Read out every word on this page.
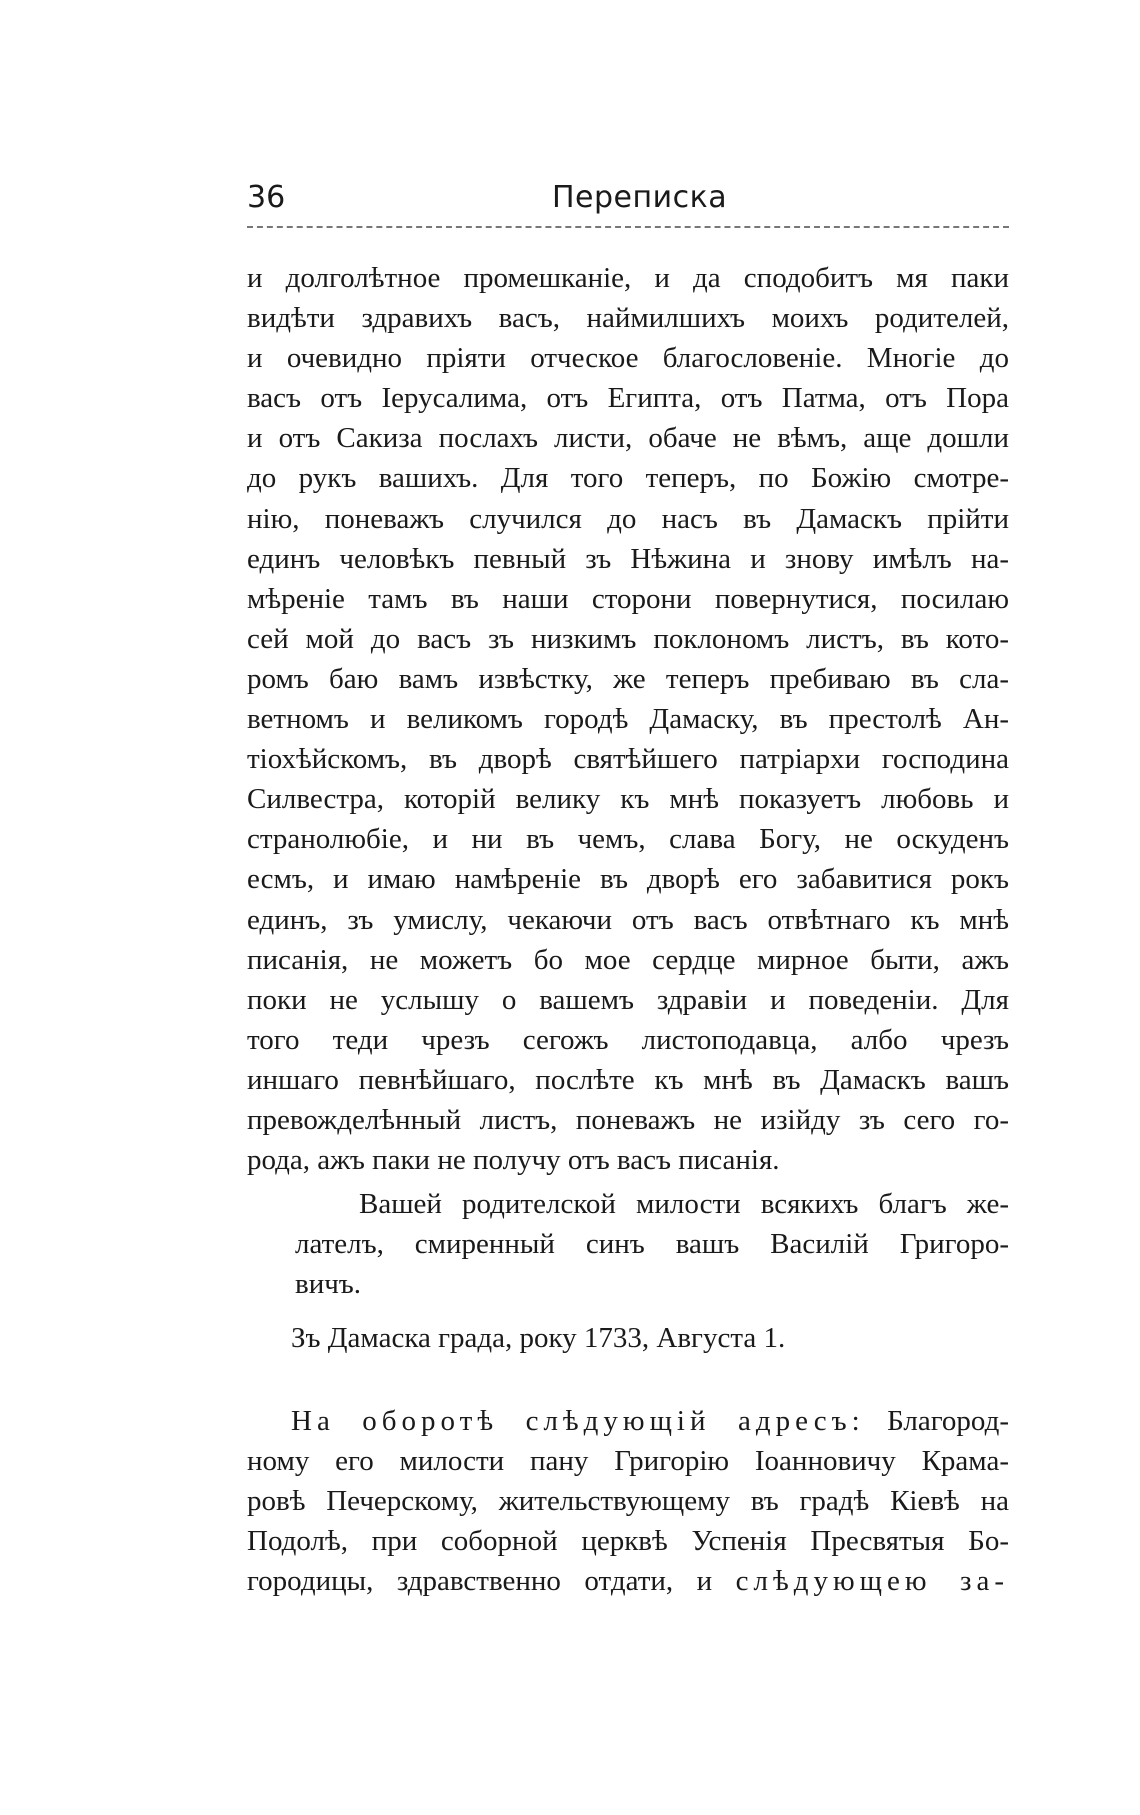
36	Переписка

и долголѣтное промешканіе, и да сподобитъ мя паки
видѣти здравихъ васъ, наймилшихъ моихъ родителей,
и очевидно пріяти отческое благословеніе. Многіе до
васъ отъ Іерусалима, отъ Египта, отъ Патма, отъ Пора
и отъ Сакиза послахъ листи, обаче не вѣмъ, аще дошли
до рукъ вашихъ. Для того теперъ, по Божію смотре-
нію, поневажъ случился до насъ въ Дамаскъ прійти
единъ человѣкъ певный зъ Нѣжина и знову имѣлъ на-
мѣреніе тамъ въ наши сторони повернутися, посилаю
сей мой до васъ зъ низкимъ поклономъ листъ, въ кото-
ромъ баю вамъ извѣстку, же теперъ пребиваю въ сла-
ветномъ и великомъ городѣ Дамаску, въ престолѣ Ан-
тіохѣйскомъ, въ дворѣ святѣйшего патріархи господина
Силвестра, которій велику къ мнѣ показуетъ любовь и
странолюбіе, и ни въ чемъ, слава Богу, не оскуденъ
есмъ, и имаю намѣреніе въ дворѣ его забавитися рокъ
единъ, зъ умислу, чекаючи отъ васъ отвѣтнаго къ мнѣ
писанія, не можетъ бо мое сердце мирное быти, ажъ
поки не услышу о вашемъ здравіи и поведеніи. Для
того теди чрезъ сегожъ листоподавца, албо чрезъ
иншаго певнѣйшаго, послѣте къ мнѣ въ Дамаскъ вашъ
превожделѣнный листъ, поневажъ не изійду зъ сего го-
рода, ажъ паки не получу отъ васъ писанія.

Вашей родителской милости всякихъ благъ же-

лателъ, смиренный синъ вашъ Василій Григоро-
вичъ.

Зъ Дамаска града, року 1733, Августа 1.

На оборотѣ слѣдующій адресъ: Благород-
ному его милости пану Григорію Іоанновичу Крама-
ровѣ Печерскому, жительствующему въ градѣ Кіевѣ на
Подолѣ, при соборной церквѣ Успенія Пресвятыя Бо-
городицы, здравственно отдати, и слѣдующею за-
